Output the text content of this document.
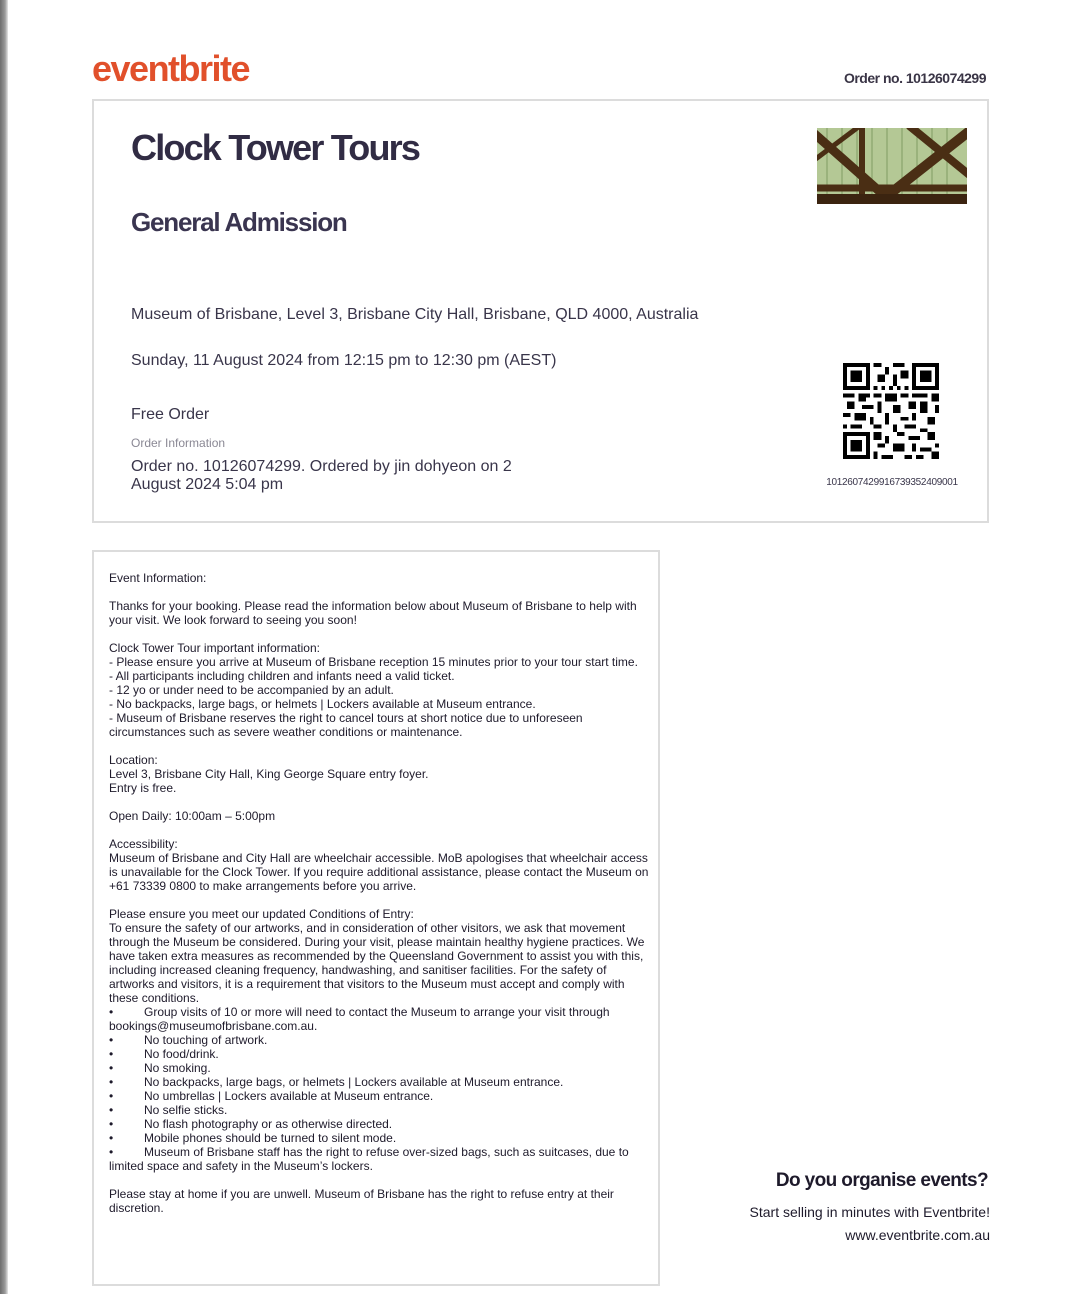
eventbrite	Order no. 10126074299
Clock Tower Tours
General Admission
Museum of Brisbane, Level 3, Brisbane City Hall, Brisbane, QLD 4000, Australia
Sunday, 11 August 2024 from 12:15 pm to 12:30 pm (AEST)
Free Order
Order Information
Order no. 10126074299. Ordered by jin dohyeon on 2 August 2024 5:04 pm	1012607429916739352409001

Event Information:

Thanks for your booking. Please read the information below about Museum of Brisbane to help with your visit. We look forward to seeing you soon!

Clock Tower Tour important information:
- Please ensure you arrive at Museum of Brisbane reception 15 minutes prior to your tour start time.
- All participants including children and infants need a valid ticket.
- 12 yo or under need to be accompanied by an adult.
- No backpacks, large bags, or helmets | Lockers available at Museum entrance.
- Museum of Brisbane reserves the right to cancel tours at short notice due to unforeseen circumstances such as severe weather conditions or maintenance.

Location:
Level 3, Brisbane City Hall, King George Square entry foyer.
Entry is free.

Open Daily: 10:00am – 5:00pm

Accessibility:
Museum of Brisbane and City Hall are wheelchair accessible. MoB apologises that wheelchair access is unavailable for the Clock Tower. If you require additional assistance, please contact the Museum on +61 73339 0800 to make arrangements before you arrive.

Please ensure you meet our updated Conditions of Entry:
To ensure the safety of our artworks, and in consideration of other visitors, we ask that movement through the Museum be considered. During your visit, please maintain healthy hygiene practices. We have taken extra measures as recommended by the Queensland Government to assist you with this, including increased cleaning frequency, handwashing, and sanitiser facilities. For the safety of artworks and visitors, it is a requirement that visitors to the Museum must accept and comply with these conditions.
•	Group visits of 10 or more will need to contact the Museum to arrange your visit through bookings@museumofbrisbane.com.au.
•	No touching of artwork.
•	No food/drink.
•	No smoking.
•	No backpacks, large bags, or helmets | Lockers available at Museum entrance.
•	No umbrellas | Lockers available at Museum entrance.
•	No selfie sticks.
•	No flash photography or as otherwise directed.
•	Mobile phones should be turned to silent mode.
•	Museum of Brisbane staff has the right to refuse over-sized bags, such as suitcases, due to limited space and safety in the Museum’s lockers.

Please stay at home if you are unwell. Museum of Brisbane has the right to refuse entry at their discretion.

Do you organise events?
Start selling in minutes with Eventbrite!
www.eventbrite.com.au
